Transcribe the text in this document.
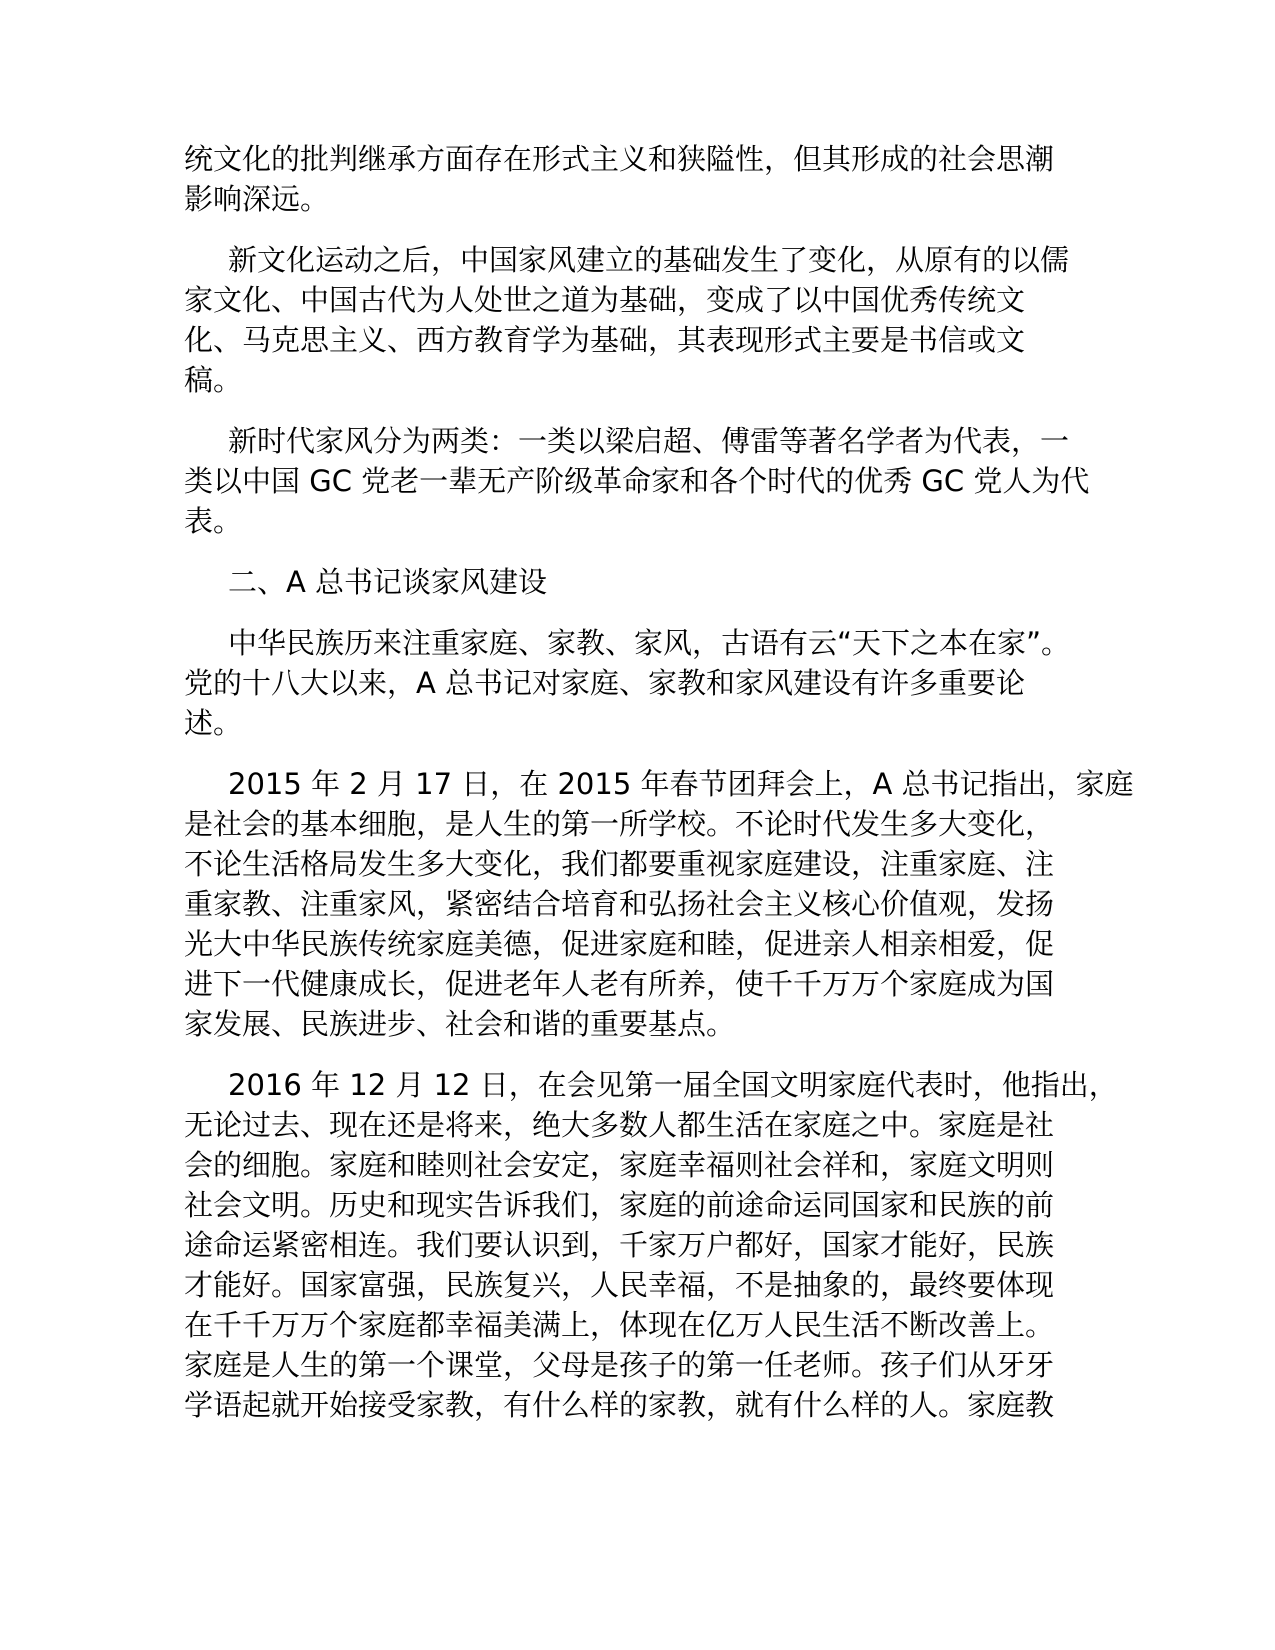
统文化的批判继承方面存在形式主义和狭隘性，但其形成的社会思潮
影响深远。
新文化运动之后，中国家风建立的基础发生了变化，从原有的以儒
家文化、中国古代为人处世之道为基础，变成了以中国优秀传统文
化、马克思主义、西方教育学为基础，其表现形式主要是书信或文
稿。
新时代家风分为两类：一类以梁启超、傅雷等著名学者为代表，一
类以中国 GC 党老一辈无产阶级革命家和各个时代的优秀 GC 党人为代
表。
二、A 总书记谈家风建设
中华民族历来注重家庭、家教、家风，古语有云“天下之本在家”。
党的十八大以来，A 总书记对家庭、家教和家风建设有许多重要论
述。
2015 年 2 月 17 日，在 2015 年春节团拜会上，A 总书记指出，家庭
是社会的基本细胞，是人生的第一所学校。不论时代发生多大变化，
不论生活格局发生多大变化，我们都要重视家庭建设，注重家庭、注
重家教、注重家风，紧密结合培育和弘扬社会主义核心价值观，发扬
光大中华民族传统家庭美德，促进家庭和睦，促进亲人相亲相爱，促
进下一代健康成长，促进老年人老有所养，使千千万万个家庭成为国
家发展、民族进步、社会和谐的重要基点。
2016 年 12 月 12 日，在会见第一届全国文明家庭代表时，他指出，
无论过去、现在还是将来，绝大多数人都生活在家庭之中。家庭是社
会的细胞。家庭和睦则社会安定，家庭幸福则社会祥和，家庭文明则
社会文明。历史和现实告诉我们，家庭的前途命运同国家和民族的前
途命运紧密相连。我们要认识到，千家万户都好，国家才能好，民族
才能好。国家富强，民族复兴，人民幸福，不是抽象的，最终要体现
在千千万万个家庭都幸福美满上，体现在亿万人民生活不断改善上。
家庭是人生的第一个课堂，父母是孩子的第一任老师。孩子们从牙牙
学语起就开始接受家教，有什么样的家教，就有什么样的人。家庭教
